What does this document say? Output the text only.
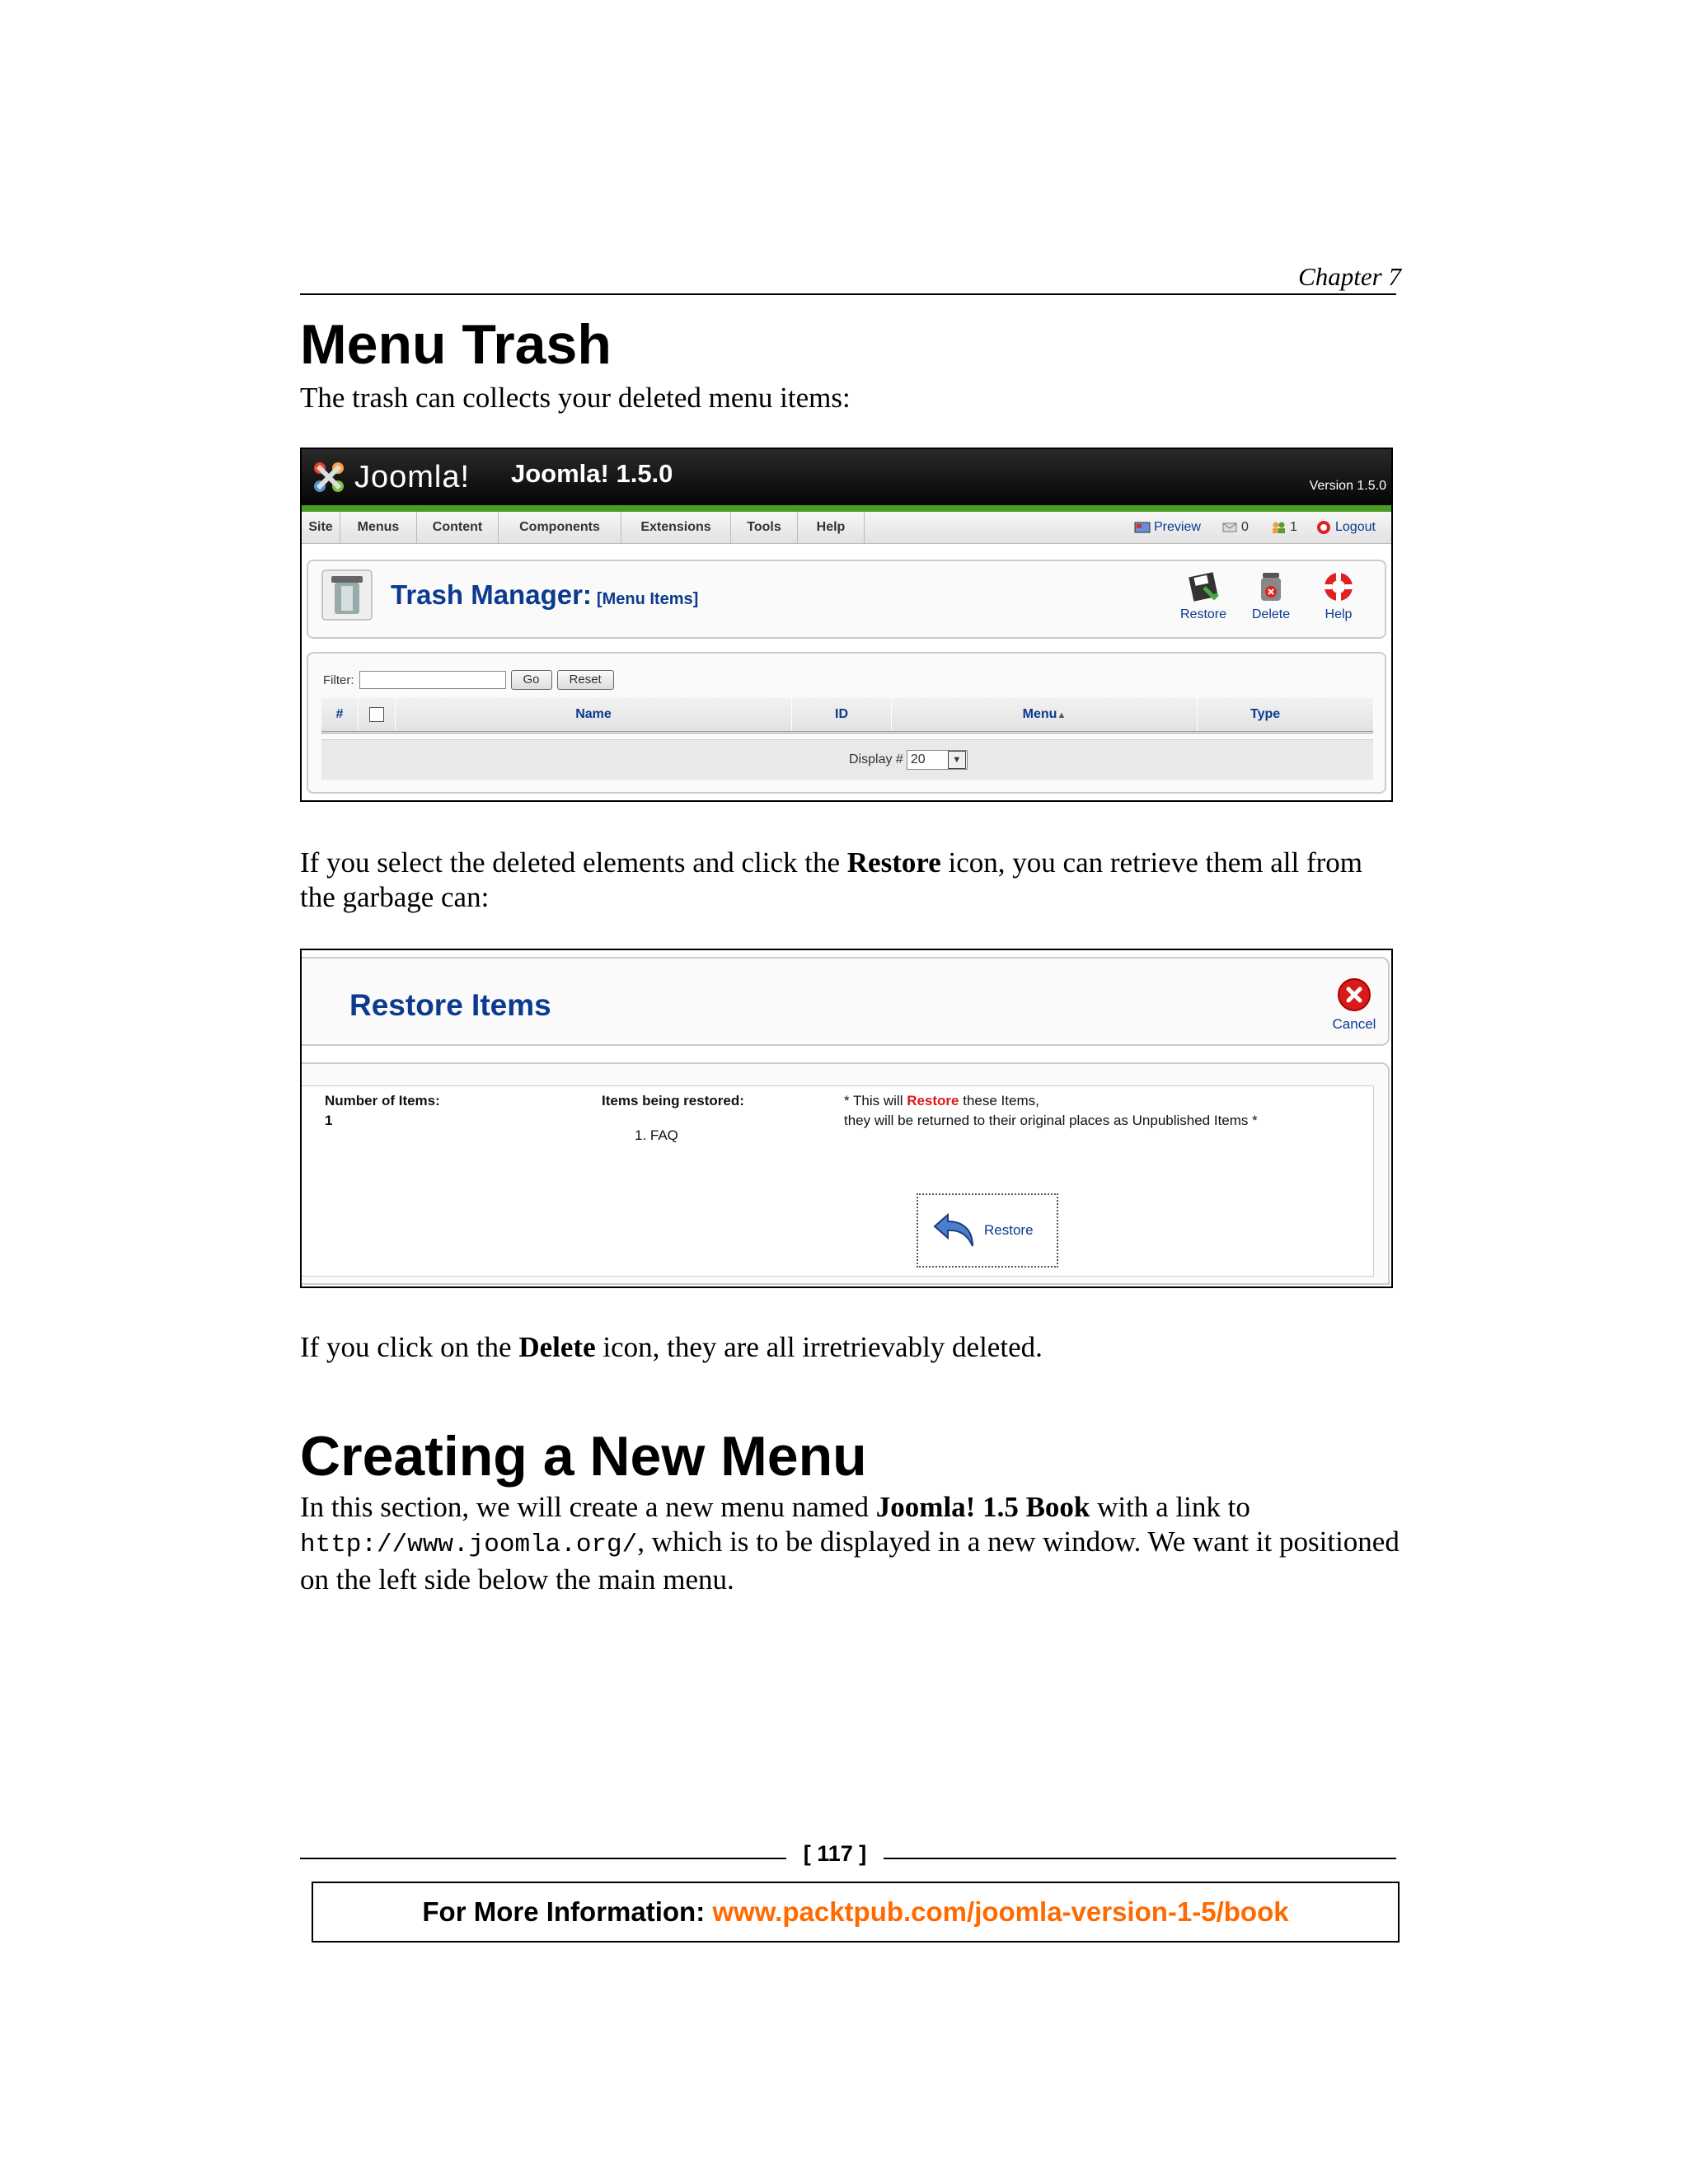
Chapter 7
Menu Trash
The trash can collects your deleted menu items:
Joomla! Joomla! 1.5.0	Version 1.5.0
Site	Menus	Content	Components	Extensions	Tools	Help	Preview	0	1	Logout
Trash Manager: [Menu Items]
Restore	Delete	Help
Filter:	Go	Reset
#	Name	ID	Menu▲	Type
Display # 20	▼
If you select the deleted elements and click the Restore icon, you can retrieve them all from the garbage can:
Restore Items
Cancel
Number of Items:
1
Items being restored:
1. FAQ
* This will Restore these Items,
they will be returned to their original places as Unpublished Items *
Restore
If you click on the Delete icon, they are all irretrievably deleted.
Creating a New Menu
In this section, we will create a new menu named Joomla! 1.5 Book with a link to http://www.joomla.org/, which is to be displayed in a new window. We want it positioned on the left side below the main menu.
[ 117 ]
For More Information: www.packtpub.com/joomla-version-1-5/book
